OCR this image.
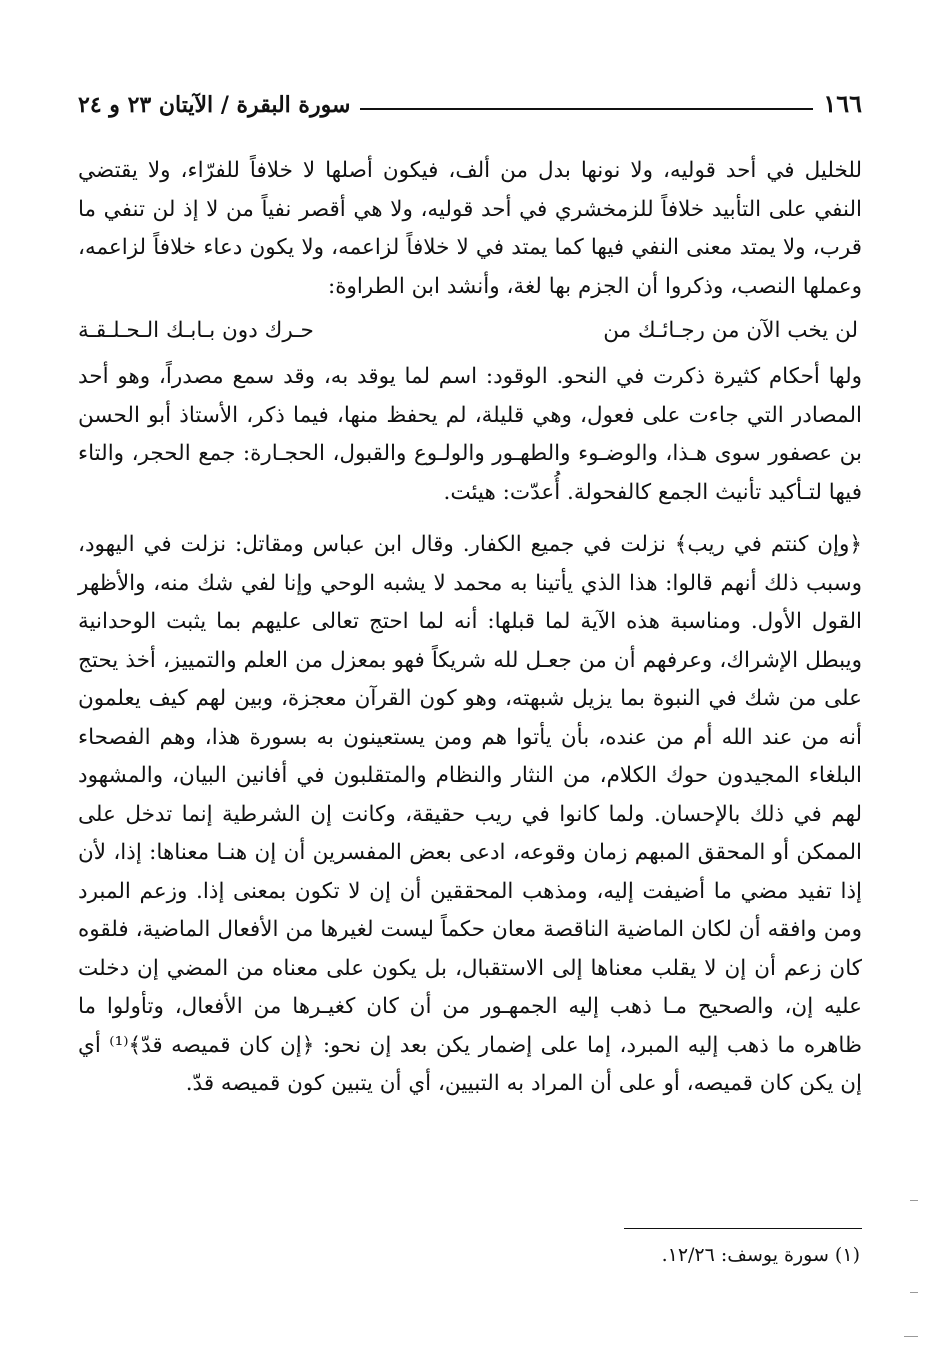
١٦٦
سورة البقرة / الآيتان ٢٣ و ٢٤

للخليل في أحد قوليه، ولا نونها بدل من ألف، فيكون أصلها لا خلافاً للفرّاء، ولا يقتضي النفي على التأبيد خلافاً للزمخشري في أحد قوليه، ولا هي أقصر نفياً من لا إذ لن تنفي ما قرب، ولا يمتد معنى النفي فيها كما يمتد في لا خلافاً لزاعمه، ولا يكون دعاء خلافاً لزاعمه، وعملها النصب، وذكروا أن الجزم بها لغة، وأنشد ابن الطراوة:

لن يخب الآن من رجـائـك من
حـرك دون بـابـك الـحـلـقـة

ولها أحكام كثيرة ذكرت في النحو. الوقود: اسم لما يوقد به، وقد سمع مصدراً، وهو أحد المصادر التي جاءت على فعول، وهي قليلة، لم يحفظ منها، فيما ذكر، الأستاذ أبو الحسن بن عصفور سوى هـذا، والوضـوء والطهـور والولـوع والقبول، الحجـارة: جمع الحجر، والتاء فيها لتـأكيد تأنيث الجمع كالفحولة. أُعدّت: هيئت.

﴿وإن كنتم في ريب﴾ نزلت في جميع الكفار. وقال ابن عباس ومقاتل: نزلت في اليهود، وسبب ذلك أنهم قالوا: هذا الذي يأتينا به محمد لا يشبه الوحي وإنا لفي شك منه، والأظهر القول الأول. ومناسبة هذه الآية لما قبلها: أنه لما احتج تعالى عليهم بما يثبت الوحدانية ويبطل الإشراك، وعرفهم أن من جعـل لله شريكاً فهو بمعزل من العلم والتمييز، أخذ يحتج على من شك في النبوة بما يزيل شبهته، وهو كون القرآن معجزة، وبين لهم كيف يعلمون أنه من عند الله أم من عنده، بأن يأتوا هم ومن يستعينون به بسورة هذا، وهم الفصحاء البلغاء المجيدون حوك الكلام، من النثار والنظام والمتقلبون في أفانين البيان، والمشهود لهم في ذلك بالإحسان. ولما كانوا في ريب حقيقة، وكانت إن الشرطية إنما تدخل على الممكن أو المحقق المبهم زمان وقوعه، ادعى بعض المفسرين أن إن هنـا معناها: إذا، لأن إذا تفيد مضي ما أضيفت إليه، ومذهب المحققين أن إن لا تكون بمعنى إذا. وزعم المبرد ومن وافقه أن لكان الماضية الناقصة معان حكماً ليست لغيرها من الأفعال الماضية، فلقوه كان زعم أن إن لا يقلب معناها إلى الاستقبال، بل يكون على معناه من المضي إن دخلت عليه إن، والصحيح مـا ذهب إليه الجمهـور من أن كان كغيـرها من الأفعال، وتأولوا ما ظاهره ما ذهب إليه المبرد، إما على إضمار يكن بعد إن نحو: ﴿إن كان قميصه قدّ﴾⁽¹⁾ أي إن يكن كان قميصه، أو على أن المراد به التبيين، أي أن يتبين كون قميصه قدّ.

(١) سورة يوسف: ١٢/٢٦.
